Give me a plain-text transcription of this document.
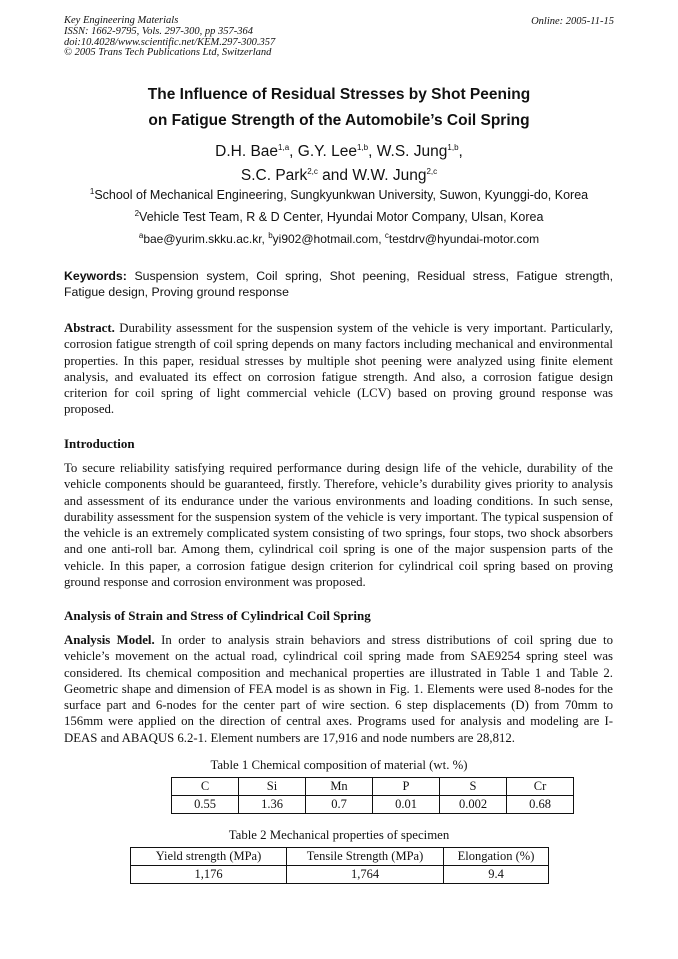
Key Engineering Materials
ISSN: 1662-9795, Vols. 297-300, pp 357-364
doi:10.4028/www.scientific.net/KEM.297-300.357
© 2005 Trans Tech Publications Ltd, Switzerland
Online: 2005-11-15
The Influence of Residual Stresses by Shot Peening
on Fatigue Strength of the Automobile’s Coil Spring
D.H. Bae$^{1,a}$, G.Y. Lee$^{1,b}$, W.S. Jung$^{1,b}$,
S.C. Park$^{2,c}$ and W.W. Jung$^{2,c}$
$^1$School of Mechanical Engineering, Sungkyunkwan University, Suwon, Kyunggi-do, Korea
$^2$Vehicle Test Team, R & D Center, Hyundai Motor Company, Ulsan, Korea
$^a$bae@yurim.skku.ac.kr, $^b$yi902@hotmail.com, $^c$testdrv@hyundai-motor.com
Keywords: Suspension system, Coil spring, Shot peening, Residual stress, Fatigue strength, Fatigue design, Proving ground response
Abstract. Durability assessment for the suspension system of the vehicle is very important. Particularly, corrosion fatigue strength of coil spring depends on many factors including mechanical and environmental properties. In this paper, residual stresses by multiple shot peening were analyzed using finite element analysis, and evaluated its effect on corrosion fatigue strength. And also, a corrosion fatigue design criterion for coil spring of light commercial vehicle (LCV) based on proving ground response was proposed.
Introduction
To secure reliability satisfying required performance during design life of the vehicle, durability of the vehicle components should be guaranteed, firstly. Therefore, vehicle’s durability gives priority to analysis and assessment of its endurance under the various environments and loading conditions. In such sense, durability assessment for the suspension system of the vehicle is very important. The typical suspension of the vehicle is an extremely complicated system consisting of two springs, four stops, two shock absorbers and one anti-roll bar. Among them, cylindrical coil spring is one of the major suspension parts of the vehicle. In this paper, a corrosion fatigue design criterion for cylindrical coil spring based on proving ground response and corrosion environment was proposed.
Analysis of Strain and Stress of Cylindrical Coil Spring
Analysis Model. In order to analysis strain behaviors and stress distributions of coil spring due to vehicle’s movement on the actual road, cylindrical coil spring made from SAE9254 spring steel was considered. Its chemical composition and mechanical properties are illustrated in Table 1 and Table 2. Geometric shape and dimension of FEA model is as shown in Fig. 1. Elements were used 8-nodes for the surface part and 6-nodes for the center part of wire section. 6 step displacements (D) from 70mm to 156mm were applied on the direction of central axes. Programs used for analysis and modeling are I-DEAS and ABAQUS 6.2-1. Element numbers are 17,916 and node numbers are 28,812.
Table 1 Chemical composition of material (wt. %)
C	Si	Mn	P	S	Cr
0.55	1.36	0.7	0.01	0.002	0.68
Table 2 Mechanical properties of specimen
Yield strength (MPa)	Tensile Strength (MPa)	Elongation (%)
1,176	1,764	9.4
